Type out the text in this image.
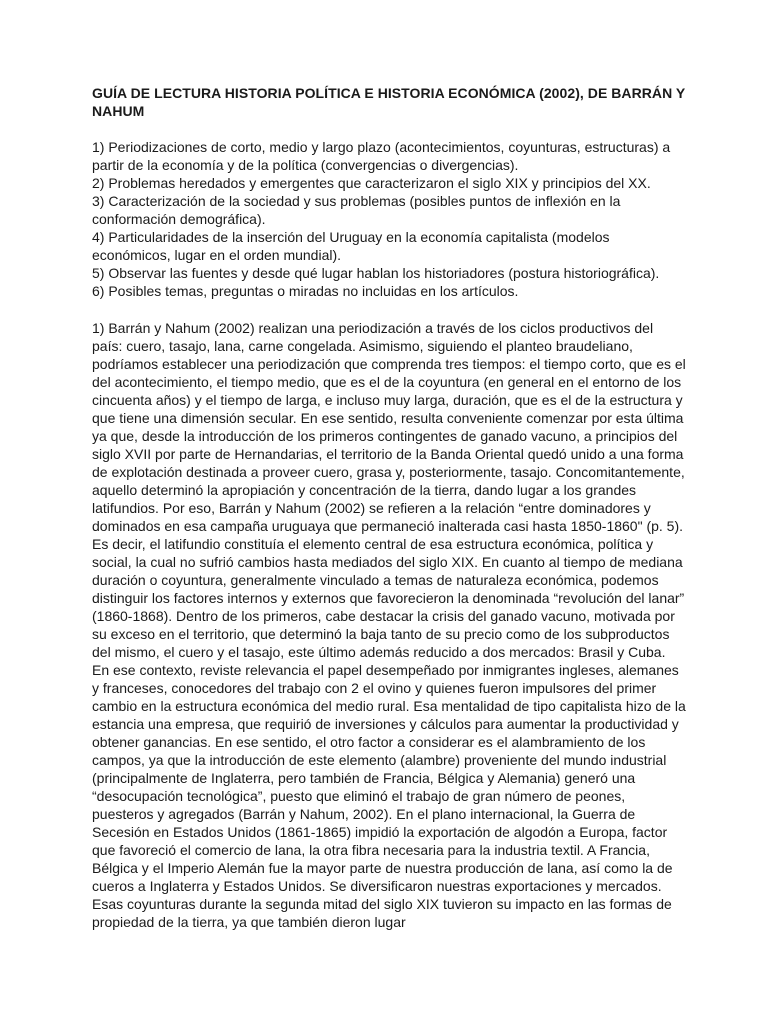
GUÍA DE LECTURA HISTORIA POLÍTICA E HISTORIA ECONÓMICA (2002), DE BARRÁN Y NAHUM
1) Periodizaciones de corto, medio y largo plazo (acontecimientos, coyunturas, estructuras) a partir de la economía y de la política (convergencias o divergencias).
2) Problemas heredados y emergentes que caracterizaron el siglo XIX y principios del XX.
3) Caracterización de la sociedad y sus problemas (posibles puntos de inflexión en la conformación demográfica).
4) Particularidades de la inserción del Uruguay en la economía capitalista (modelos económicos, lugar en el orden mundial).
5) Observar las fuentes y desde qué lugar hablan los historiadores (postura historiográfica).
6) Posibles temas, preguntas o miradas no incluidas en los artículos.

1) Barrán y Nahum (2002) realizan una periodización a través de los ciclos productivos del país: cuero, tasajo, lana, carne congelada. Asimismo, siguiendo el planteo braudeliano, podríamos establecer una periodización que comprenda tres tiempos: el tiempo corto, que es el del acontecimiento, el tiempo medio, que es el de la coyuntura (en general en el entorno de los cincuenta años) y el tiempo de larga, e incluso muy larga, duración, que es el de la estructura y que tiene una dimensión secular. En ese sentido, resulta conveniente comenzar por esta última ya que, desde la introducción de los primeros contingentes de ganado vacuno, a principios del siglo XVII por parte de Hernandarias, el territorio de la Banda Oriental quedó unido a una forma de explotación destinada a proveer cuero, grasa y, posteriormente, tasajo. Concomitantemente, aquello determinó la apropiación y concentración de la tierra, dando lugar a los grandes latifundios. Por eso, Barrán y Nahum (2002) se refieren a la relación “entre dominadores y dominados en esa campaña uruguaya que permaneció inalterada casi hasta 1850-1860" (p. 5). Es decir, el latifundio constituía el elemento central de esa estructura económica, política y social, la cual no sufrió cambios hasta mediados del siglo XIX. En cuanto al tiempo de mediana duración o coyuntura, generalmente vinculado a temas de naturaleza económica, podemos distinguir los factores internos y externos que favorecieron la denominada “revolución del lanar” (1860-1868). Dentro de los primeros, cabe destacar la crisis del ganado vacuno, motivada por su exceso en el territorio, que determinó la baja tanto de su precio como de los subproductos del mismo, el cuero y el tasajo, este último además reducido a dos mercados: Brasil y Cuba. En ese contexto, reviste relevancia el papel desempeñado por inmigrantes ingleses, alemanes y franceses, conocedores del trabajo con 2 el ovino y quienes fueron impulsores del primer cambio en la estructura económica del medio rural. Esa mentalidad de tipo capitalista hizo de la estancia una empresa, que requirió de inversiones y cálculos para aumentar la productividad y obtener ganancias. En ese sentido, el otro factor a considerar es el alambramiento de los campos, ya que la introducción de este elemento (alambre) proveniente del mundo industrial (principalmente de Inglaterra, pero también de Francia, Bélgica y Alemania) generó una “desocupación tecnológica”, puesto que eliminó el trabajo de gran número de peones, puesteros y agregados (Barrán y Nahum, 2002). En el plano internacional, la Guerra de Secesión en Estados Unidos (1861-1865) impidió la exportación de algodón a Europa, factor que favoreció el comercio de lana, la otra fibra necesaria para la industria textil. A Francia, Bélgica y el Imperio Alemán fue la mayor parte de nuestra producción de lana, así como la de cueros a Inglaterra y Estados Unidos. Se diversificaron nuestras exportaciones y mercados. Esas coyunturas durante la segunda mitad del siglo XIX tuvieron su impacto en las formas de propiedad de la tierra, ya que también dieron lugar
